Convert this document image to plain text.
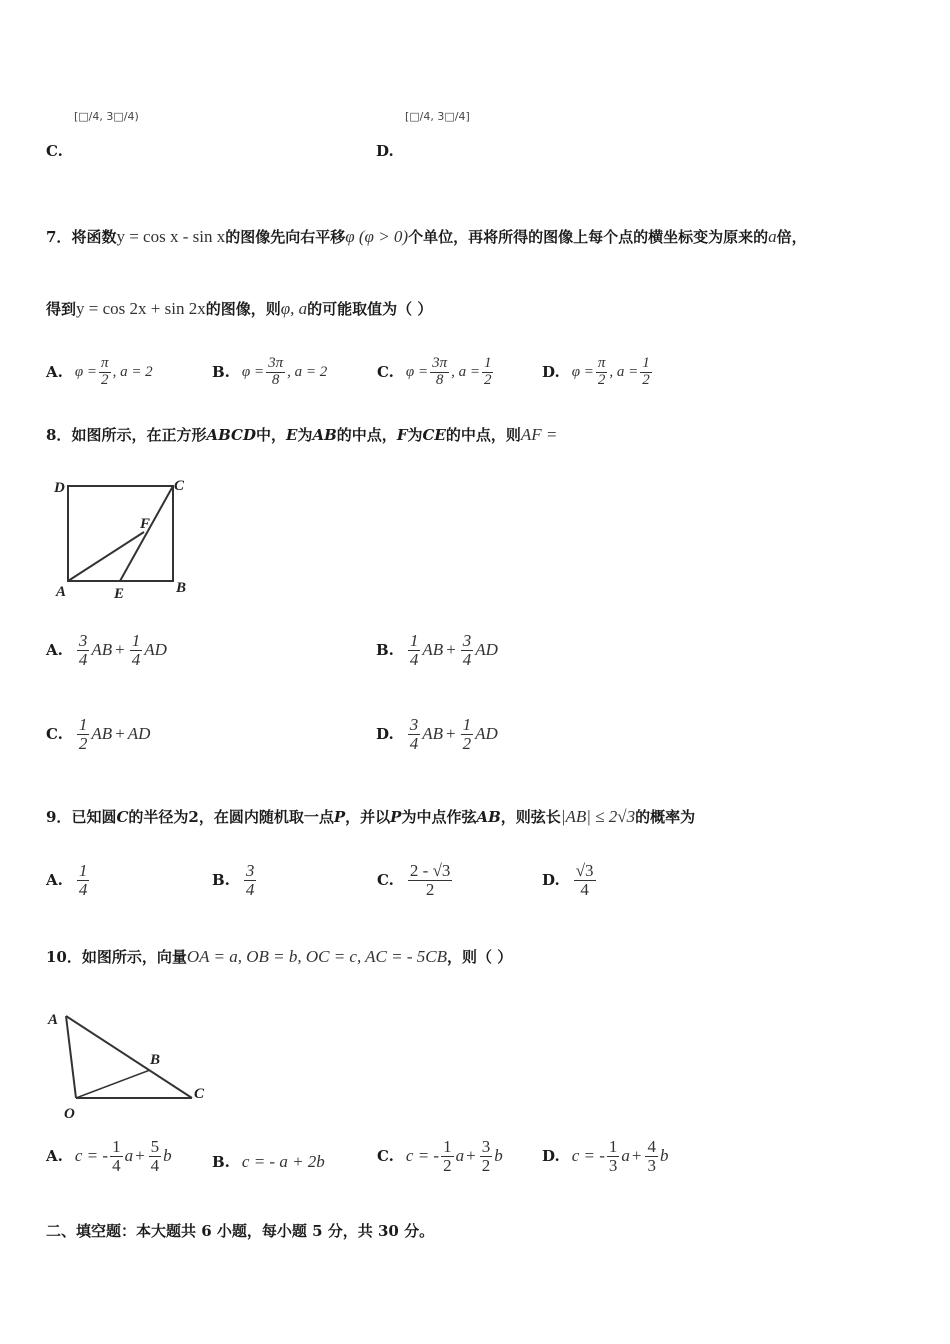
C.
[□/4, 3□/4)
D.
[□/4, 3□/4]
7． 将函数 y = cos x - sin x 的图像先向右平移 φ (φ > 0) 个单位，再将所得的图像上每个点的横坐标变为原来的 a 倍，
得到 y = cos 2x + sin 2x 的图像，则 φ, a 的可能取值为（ ）
A. $\varphi = \frac{\pi}{2}$ , a = 2	B. $\varphi = \frac{3\pi}{8}$ , a = 2	C. $\varphi = \frac{3\pi}{8}$ , $a = \frac{1}{2}$	D. $\varphi = \frac{\pi}{2}$ , $a = \frac{1}{2}$
8． 如图所示，在正方形 ABCD 中， E 为 AB 的中点， F 为 CE 的中点，则 AF =
D	C
F
A	E	B
A. $\frac{3}{4}$ AB + $\frac{1}{4}$ AD	B. $\frac{1}{4}$ AB + $\frac{3}{4}$ AD
C. $\frac{1}{2}$ AB + AD	D. $\frac{3}{4}$ AB + $\frac{1}{2}$ AD
9． 已知圆 C 的半径为2，在圆内随机取一点 P ，并以 P 为中点作弦 AB ，则弦长 |AB| ≤ 2√3 的概率为
A. $\frac{1}{4}$	B. $\frac{3}{4}$	C. $\frac{2 - √3}{2}$	D. $\frac{√3}{4}$
10． 如图所示，向量 OA = a, OB = b, OC = c, AC = - 5CB ，则（ ）
A
B
C
O
A. c = - $\frac{1}{4}$ $a + \frac{5}{4}$ b	B. c = - a + 2b	C. c = - $\frac{1}{2}$ $a + \frac{3}{2}$ b	D. c = - $\frac{1}{3}$ $a + \frac{4}{3}$ b
二、填空题：本大题共 6 小题，每小题 5 分，共 30 分。
